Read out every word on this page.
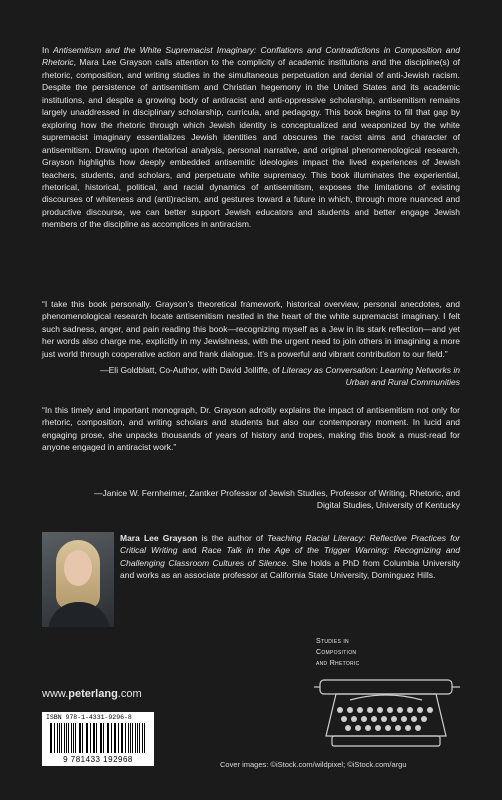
In Antisemitism and the White Supremacist Imaginary: Conflations and Contradictions in Composition and Rhetoric, Mara Lee Grayson calls attention to the complicity of academic institutions and the discipline(s) of rhetoric, composition, and writing studies in the simultaneous perpetuation and denial of anti-Jewish racism. Despite the persistence of antisemitism and Christian hegemony in the United States and its academic institutions, and despite a growing body of antiracist and anti-oppressive scholarship, antisemitism remains largely unaddressed in disciplinary scholarship, curricula, and pedagogy. This book begins to fill that gap by exploring how the rhetoric through which Jewish identity is conceptualized and weaponized by the white supremacist imaginary essentializes Jewish identities and obscures the racist aims and character of antisemitism. Drawing upon rhetorical analysis, personal narrative, and original phenomenological research, Grayson highlights how deeply embedded antisemitic ideologies impact the lived experiences of Jewish teachers, students, and scholars, and perpetuate white supremacy. This book illuminates the experiential, rhetorical, historical, political, and racial dynamics of antisemitism, exposes the limitations of existing discourses of whiteness and (anti)racism, and gestures toward a future in which, through more nuanced and productive discourse, we can better support Jewish educators and students and better engage Jewish members of the discipline as accomplices in antiracism.

“I take this book personally. Grayson’s theoretical framework, historical overview, personal anecdotes, and phenomenological research locate antisemitism nestled in the heart of the white supremacist imaginary. I felt such sadness, anger, and pain reading this book—recognizing myself as a Jew in its stark reflection—and yet her words also charge me, explicitly in my Jewishness, with the urgent need to join others in imagining a more just world through cooperative action and frank dialogue. It’s a powerful and vibrant contribution to our field.”

—Eli Goldblatt, Co-Author, with David Jolliffe, of Literacy as Conversation: Learning Networks in Urban and Rural Communities

“In this timely and important monograph, Dr. Grayson adroitly explains the impact of antisemitism not only for rhetoric, composition, and writing scholars and students but also our contemporary moment. In lucid and engaging prose, she unpacks thousands of years of history and tropes, making this book a must-read for anyone engaged in antiracist work.”

—Janice W. Fernheimer, Zantker Professor of Jewish Studies, Professor of Writing, Rhetoric, and Digital Studies, University of Kentucky

Mara Lee Grayson is the author of Teaching Racial Literacy: Reflective Practices for Critical Writing and Race Talk in the Age of the Trigger Warning: Recognizing and Challenging Classroom Cultures of Silence. She holds a PhD from Columbia University and works as an associate professor at California State University, Dominguez Hills.

www.peterlang.com
ISBN 978-1-4331-9296-8
9 781433 192968
Studies in
Composition
and Rhetoric
Cover images: ©iStock.com/wildpixel; ©iStock.com/argu
